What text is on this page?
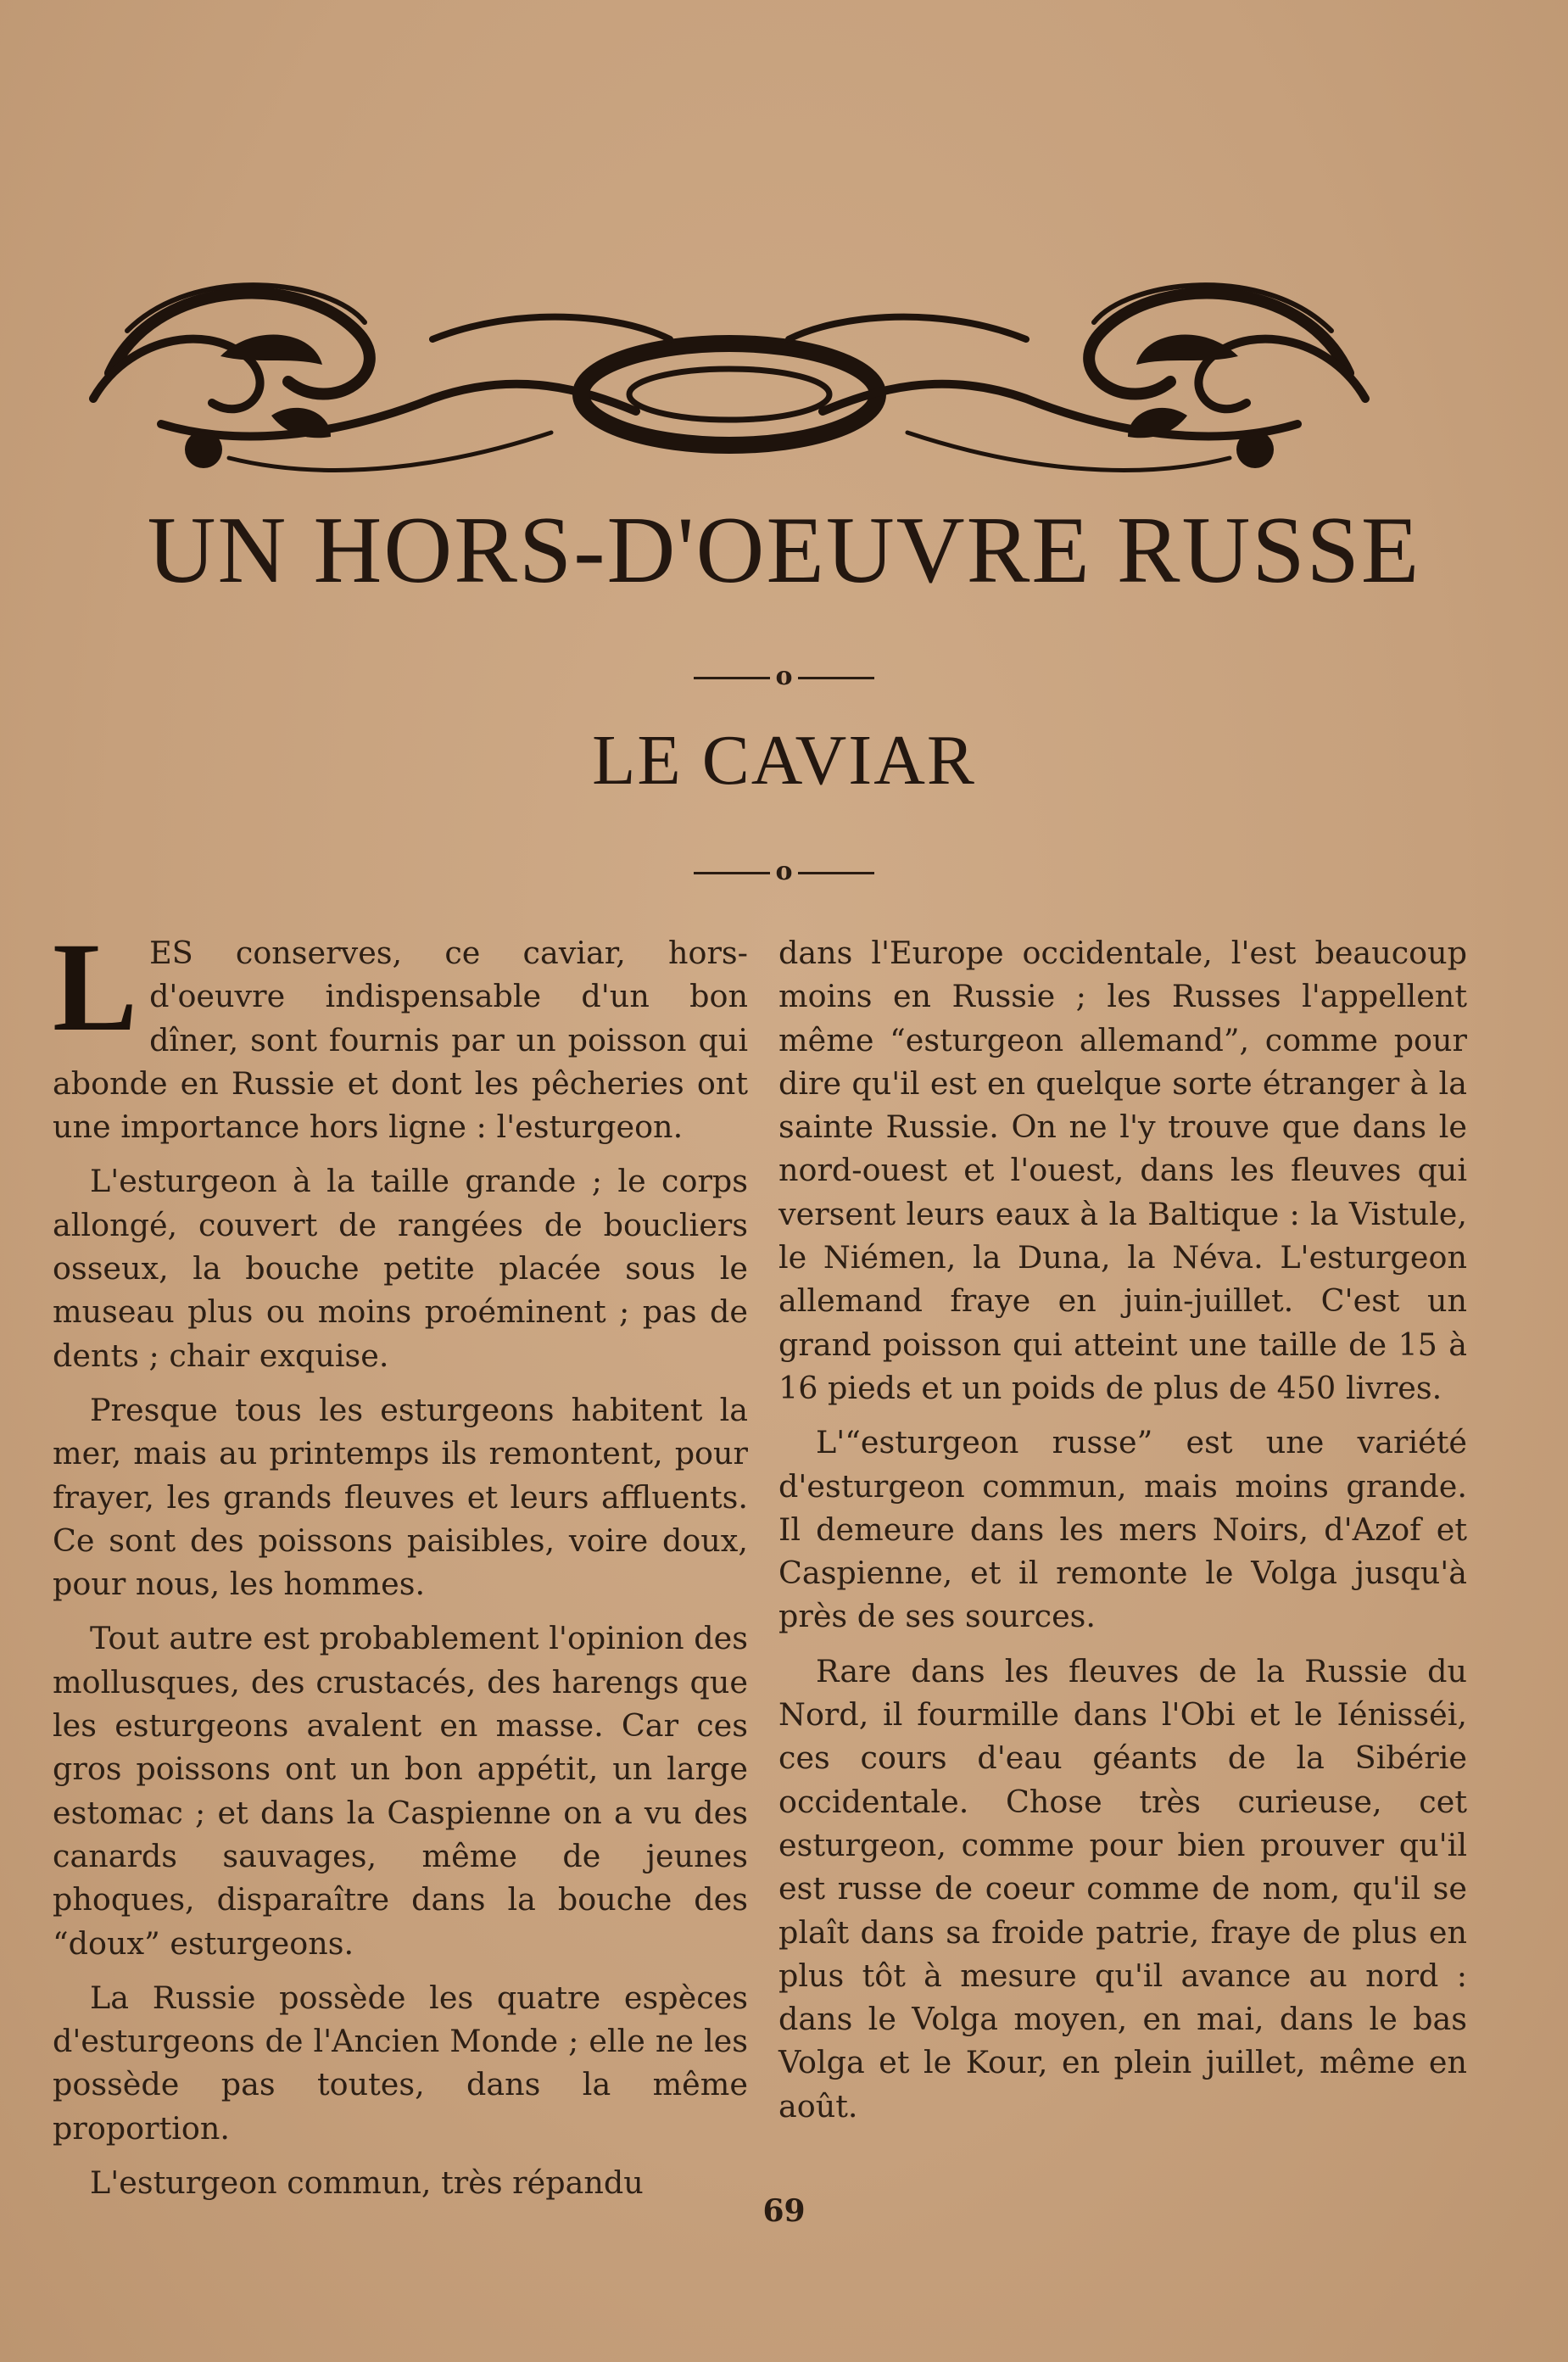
UN HORS-D'OEUVRE RUSSE
o
LE CAVIAR
o

LES conserves, ce caviar, hors-d'oeuvre indispensable d'un bon dîner, sont fournis par un poisson qui abonde en Russie et dont les pêcheries ont une importance hors ligne : l'esturgeon.

L'esturgeon à la taille grande ; le corps allongé, couvert de rangées de boucliers osseux, la bouche petite placée sous le museau plus ou moins proéminent ; pas de dents ; chair exquise.

Presque tous les esturgeons habitent la mer, mais au printemps ils remontent, pour frayer, les grands fleuves et leurs affluents. Ce sont des poissons paisibles, voire doux, pour nous, les hommes.

Tout autre est probablement l'opinion des mollusques, des crustacés, des harengs que les esturgeons avalent en masse. Car ces gros poissons ont un bon appétit, un large estomac ; et dans la Caspienne on a vu des canards sauvages, même de jeunes phoques, disparaître dans la bouche des “doux” esturgeons.

La Russie possède les quatre espèces d'esturgeons de l'Ancien Monde ; elle ne les possède pas toutes, dans la même proportion.

L'esturgeon commun, très répandu

dans l'Europe occidentale, l'est beaucoup moins en Russie ; les Russes l'appellent même “esturgeon allemand”, comme pour dire qu'il est en quelque sorte étranger à la sainte Russie. On ne l'y trouve que dans le nord-ouest et l'ouest, dans les fleuves qui versent leurs eaux à la Baltique : la Vistule, le Niémen, la Duna, la Néva. L'esturgeon allemand fraye en juin-juillet. C'est un grand poisson qui atteint une taille de 15 à 16 pieds et un poids de plus de 450 livres.

L'“esturgeon russe” est une variété d'esturgeon commun, mais moins grande. Il demeure dans les mers Noirs, d'Azof et Caspienne, et il remonte le Volga jusqu'à près de ses sources.

Rare dans les fleuves de la Russie du Nord, il fourmille dans l'Obi et le Iénisséi, ces cours d'eau géants de la Sibérie occidentale. Chose très curieuse, cet esturgeon, comme pour bien prouver qu'il est russe de coeur comme de nom, qu'il se plaît dans sa froide patrie, fraye de plus en plus tôt à mesure qu'il avance au nord : dans le Volga moyen, en mai, dans le bas Volga et le Kour, en plein juillet, même en août.

69
